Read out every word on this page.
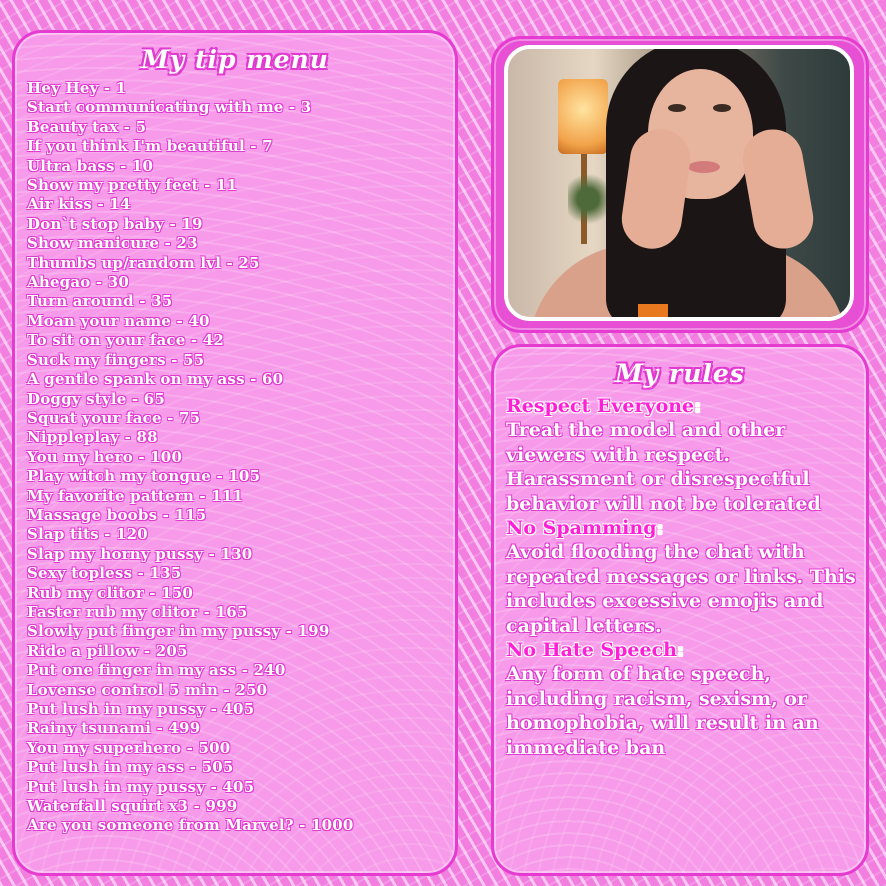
My tip menu
Hey Hey - 1
Start communicating with me - 3
Beauty tax - 5
If you think I'm beautiful - 7
Ultra bass - 10
Show my pretty feet - 11
Air kiss - 14
Don`t stop baby - 19
Show manicure - 23
Thumbs up/random lvl - 25
Ahegao - 30
Turn around - 35
Moan your name - 40
To sit on your face - 42
Suck my fingers - 55
A gentle spank on my ass - 60
Doggy style - 65
Squat your face - 75
Nippleplay - 88
You my hero - 100
Play witch my tongue - 105
My favorite pattern - 111
Massage boobs - 115
Slap tits - 120
Slap my horny pussy - 130
Sexy topless - 135
Rub my clitor - 150
Faster rub my clitor - 165
Slowly put finger in my pussy - 199
Ride a pillow - 205
Put one finger in my ass - 240
Lovense control 5 min - 250
Put lush in my pussy - 405
Rainy tsunami - 499
You my superhero - 500
Put lush in my ass - 505
Put lush in my pussy - 405
Waterfall squirt x3 - 999
Are you someone from Marvel? - 1000
My rules
Respect Everyone:
Treat the model and other viewers with respect. Harassment or disrespectful behavior will not be tolerated
No Spamming:
Avoid flooding the chat with repeated messages or links. This includes excessive emojis and capital letters.
No Hate Speech:
Any form of hate speech, including racism, sexism, or homophobia, will result in an immediate ban
